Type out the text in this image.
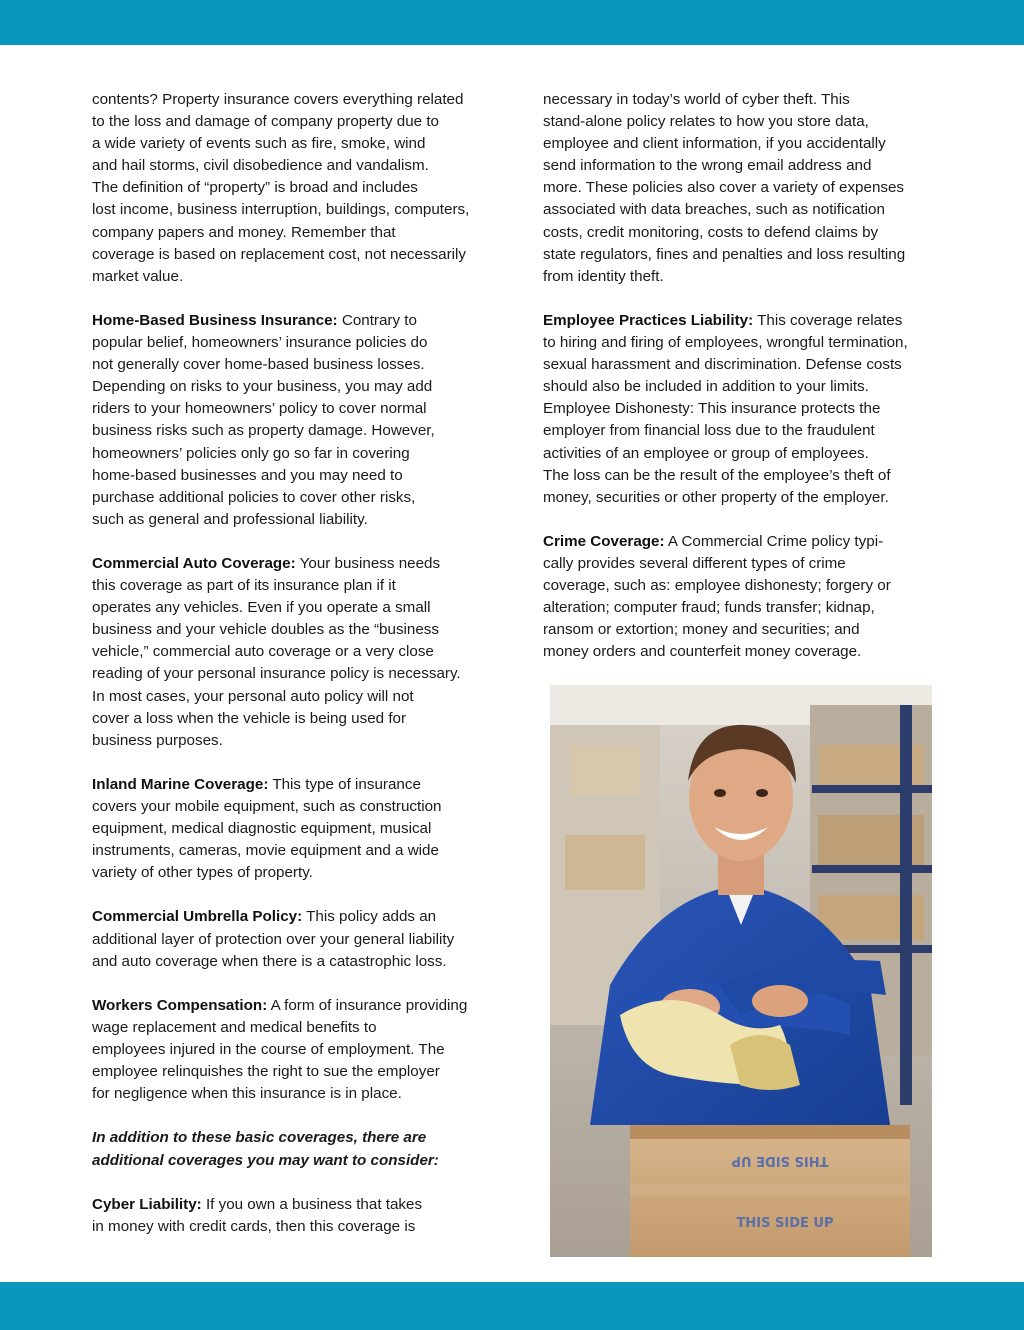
contents? Property insurance covers everything related
to the loss and damage of company property due to
a wide variety of events such as fire, smoke, wind
and hail storms, civil disobedience and vandalism.
The definition of “property” is broad and includes
lost income, business interruption, buildings, computers,
company papers and money. Remember that
coverage is based on replacement cost, not necessarily
market value.

Home-Based Business Insurance: Contrary to
popular belief, homeowners’ insurance policies do
not generally cover home-based business losses.
Depending on risks to your business, you may add
riders to your homeowners’ policy to cover normal
business risks such as property damage. However,
homeowners’ policies only go so far in covering
home-based businesses and you may need to
purchase additional policies to cover other risks,
such as general and professional liability.

Commercial Auto Coverage: Your business needs
this coverage as part of its insurance plan if it
operates any vehicles. Even if you operate a small
business and your vehicle doubles as the “business
vehicle,” commercial auto coverage or a very close
reading of your personal insurance policy is necessary.
In most cases, your personal auto policy will not
cover a loss when the vehicle is being used for
business purposes.

Inland Marine Coverage: This type of insurance
covers your mobile equipment, such as construction
equipment, medical diagnostic equipment, musical
instruments, cameras, movie equipment and a wide
variety of other types of property.

Commercial Umbrella Policy: This policy adds an
additional layer of protection over your general liability
and auto coverage when there is a catastrophic loss.

Workers Compensation: A form of insurance providing
wage replacement and medical benefits to
employees injured in the course of employment. The
employee relinquishes the right to sue the employer
for negligence when this insurance is in place.

In addition to these basic coverages, there are
additional coverages you may want to consider:

Cyber Liability: If you own a business that takes
in money with credit cards, then this coverage is

necessary in today’s world of cyber theft. This
stand-alone policy relates to how you store data,
employee and client information, if you accidentally
send information to the wrong email address and
more. These policies also cover a variety of expenses
associated with data breaches, such as notification
costs, credit monitoring, costs to defend claims by
state regulators, fines and penalties and loss resulting
from identity theft.

Employee Practices Liability: This coverage relates
to hiring and firing of employees, wrongful termination,
sexual harassment and discrimination. Defense costs
should also be included in addition to your limits.
Employee Dishonesty: This insurance protects the
employer from financial loss due to the fraudulent
activities of an employee or group of employees.
The loss can be the result of the employee’s theft of
money, securities or other property of the employer.

Crime Coverage: A Commercial Crime policy typi-
cally provides several different types of crime
coverage, such as: employee dishonesty; forgery or
alteration; computer fraud; funds transfer; kidnap,
ransom or extortion; money and securities; and
money orders and counterfeit money coverage.

THIS SIDE UP
THIS SIDE UP
